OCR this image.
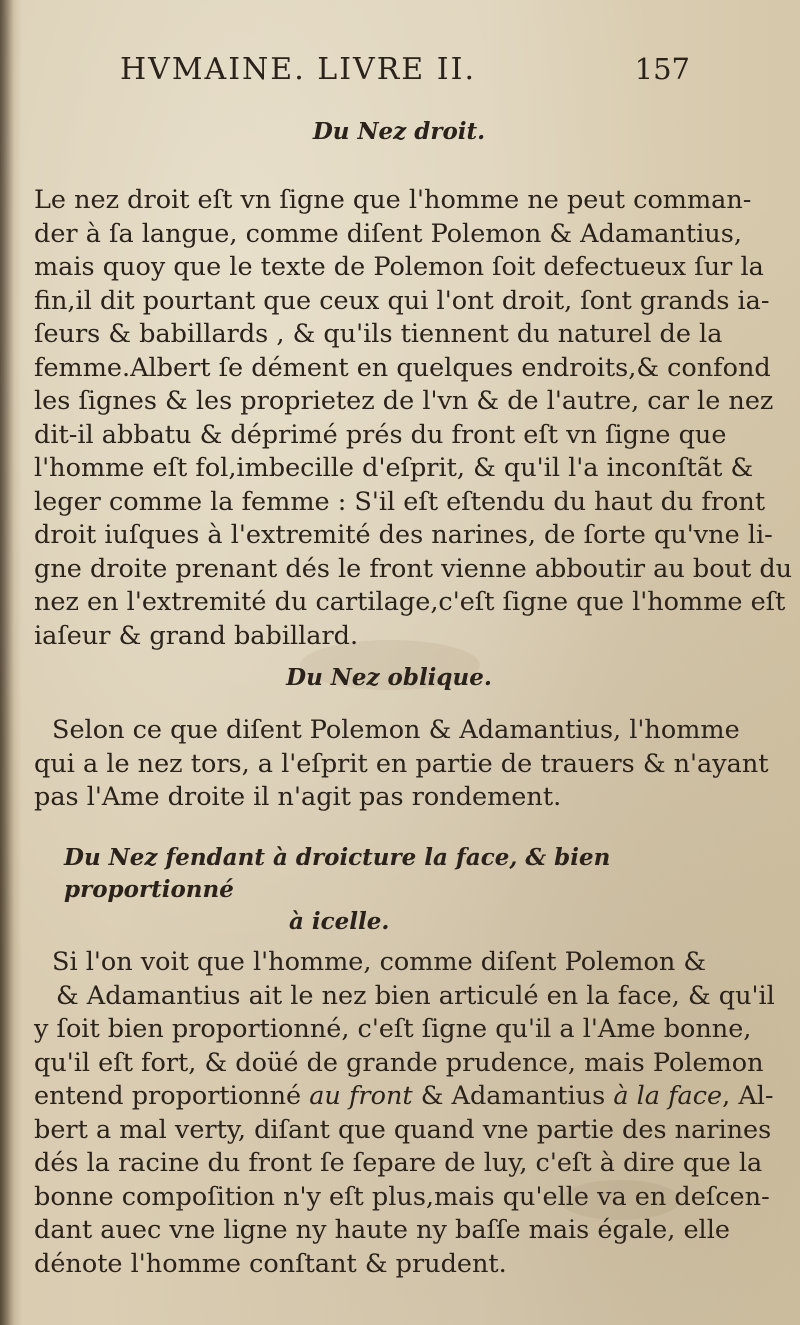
HVMAINE. LIVRE II.	157
Du Nez droit.
Le nez droit eſt vn ſigne que l'homme ne peut comman-
der à ſa langue, comme diſent Polemon & Adamantius,
mais quoy que le texte de Polemon ſoit defectueux ſur la
fin,il dit pourtant que ceux qui l'ont droit, ſont grands ia-
ſeurs & babillards , & qu'ils tiennent du naturel de la
femme.Albert ſe dément en quelques endroits,& confond
les ſignes & les proprietez de l'vn & de l'autre, car le nez
dit-il abbatu & déprimé prés du front eſt vn ſigne que
l'homme eſt fol,imbecille d'eſprit, & qu'il l'a inconſtãt &
leger comme la femme : S'il eſt eſtendu du haut du front
droit iuſques à l'extremité des narines, de ſorte qu'vne li-
gne droite prenant dés le front vienne abboutir au bout du
nez en l'extremité du cartilage,c'eſt ſigne que l'homme eſt
iaſeur & grand babillard.
Du Nez oblique.
Selon ce que diſent Polemon & Adamantius, l'homme
qui a le nez tors, a l'eſprit en partie de trauers & n'ayant
pas l'Ame droite il n'agit pas rondement.
Du Nez fendant à droicture la face, & bien proportionné
à icelle.
Si l'on voit que l'homme, comme diſent Polemon &
& Adamantius ait le nez bien articulé en la face, & qu'il
y ſoit bien proportionné, c'eſt ſigne qu'il a l'Ame bonne,
qu'il eſt fort, & doüé de grande prudence, mais Polemon
entend proportionné au front & Adamantius à la face, Al-
bert a mal verty, diſant que quand vne partie des narines
dés la racine du front ſe ſepare de luy, c'eſt à dire que la
bonne compoſition n'y eſt plus,mais qu'elle va en deſcen-
dant auec vne ligne ny haute ny baſſe mais égale, elle
dénote l'homme conſtant & prudent.
